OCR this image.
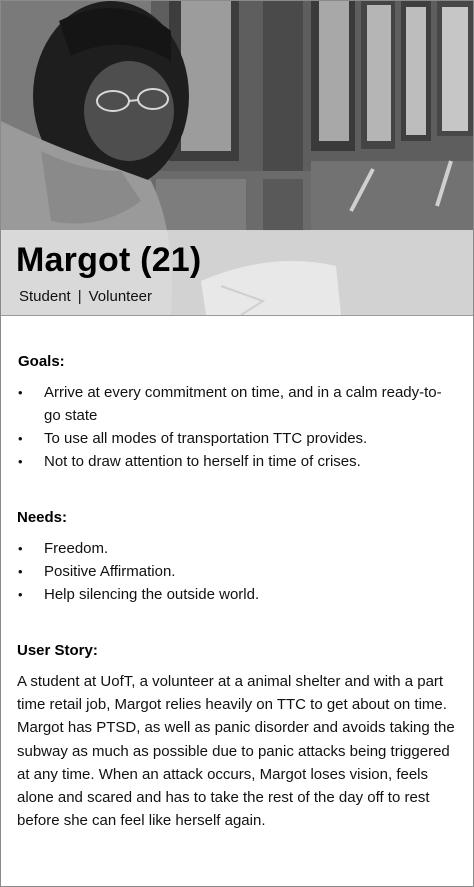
Margot (21)
Student | Volunteer
Goals:
•	Arrive at every commitment on time, and in a calm ready-to-go state
•	To use all modes of transportation TTC provides.
•	Not to draw attention to herself in time of crises.
Needs:
•	Freedom.
•	Positive Affirmation.
•	Help silencing the outside world.
User Story:
A student at UofT, a volunteer at a animal shelter and with a part time retail job, Margot relies heavily on TTC to get about on time. Margot has PTSD, as well as panic disorder and avoids taking the subway as much as possible due to panic attacks being triggered at any time. When an attack occurs, Margot loses vision, feels alone and scared and has to take the rest of the day off to rest before she can feel like herself again.
